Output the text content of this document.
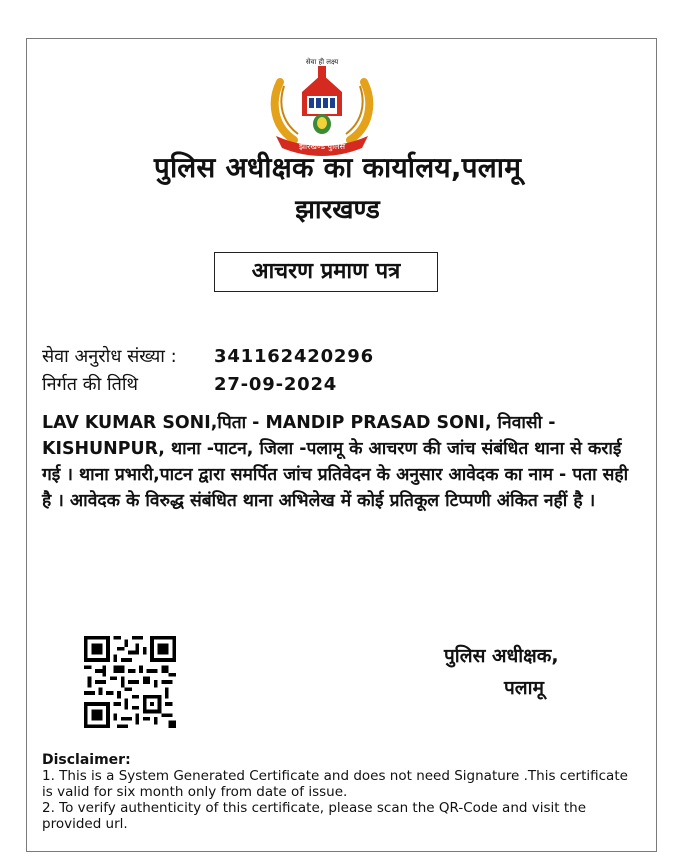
सेवा ही लक्ष्य
झारखण्ड पुलिस
पुलिस अधीक्षक का कार्यालय,पलामू
झारखण्ड
आचरण प्रमाण पत्र
सेवा अनुरोध संख्या : 341162420296
निर्गत की तिथि	27-09-2024
LAV KUMAR SONI,पिता - MANDIP PRASAD SONI, निवासी - KISHUNPUR, थाना -पाटन, जिला -पलामू के आचरण की जांच संबंधित थाना से कराई गई । थाना प्रभारी,पाटन द्वारा समर्पित जांच प्रतिवेदन के अनुसार आवेदक का नाम - पता सही है । आवेदक के विरुद्ध संबंधित थाना अभिलेख में कोई प्रतिकूल टिप्पणी अंकित नहीं है ।
पुलिस अधीक्षक,
पलामू
Disclaimer:
1. This is a System Generated Certificate and does not need Signature .This certificate is valid for six month only from date of issue.
2. To verify authenticity of this certificate, please scan the QR-Code and visit the provided url.
